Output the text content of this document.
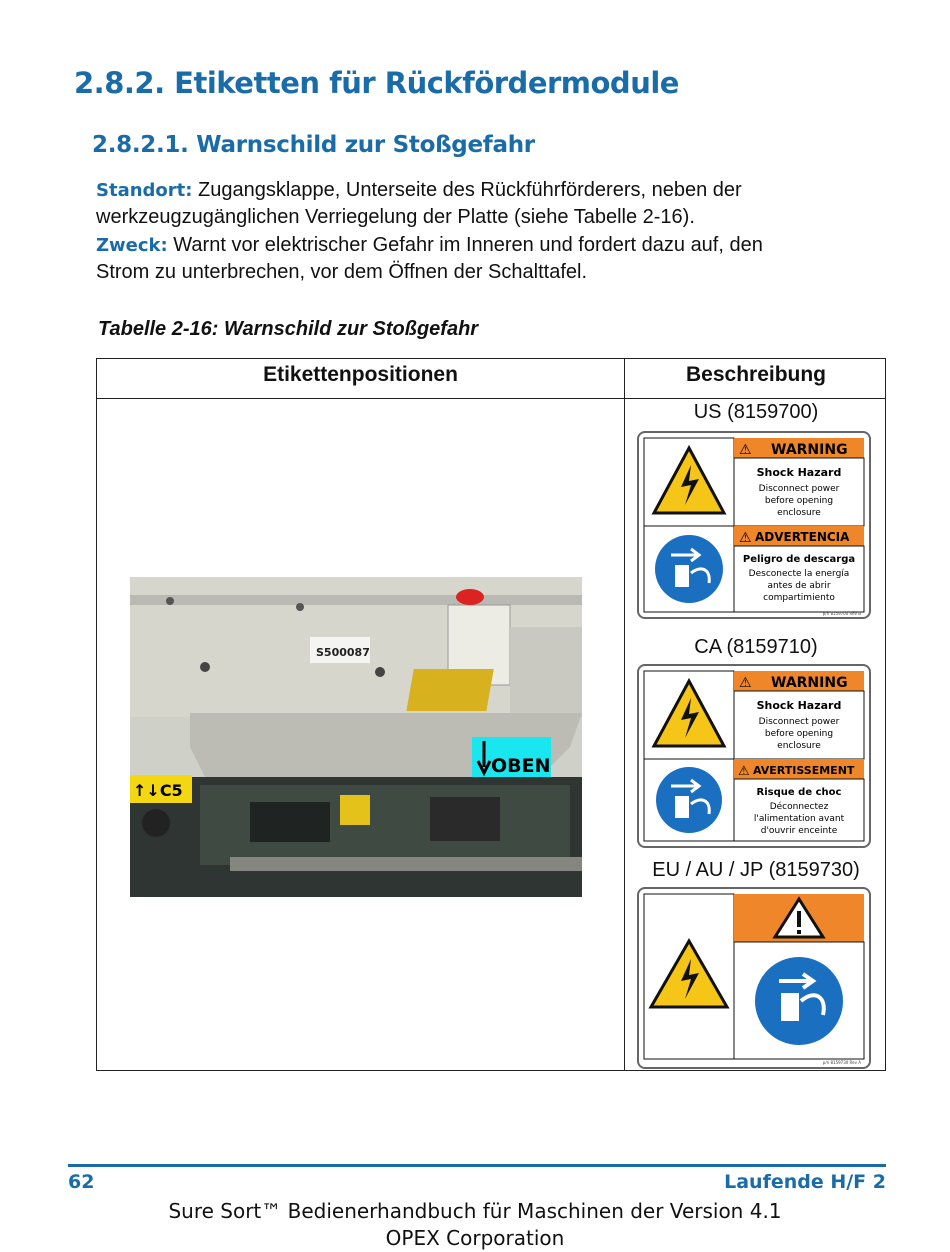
2.8.2. Etiketten für Rückfördermodule
2.8.2.1. Warnschild zur Stoßgefahr
Standort: Zugangsklappe, Unterseite des Rückführförderers, neben der
werkzeugzugänglichen Verriegelung der Platte (siehe Tabelle 2-16).
Zweck: Warnt vor elektrischer Gefahr im Inneren und fordert dazu auf, den
Strom zu unterbrechen, vor dem Öffnen der Schalttafel.
Tabelle 2-16: Warnschild zur Stoßgefahr
Etikettenpositionen	Beschreibung
S500087
↑↓C5
OBEN
US (8159700)
CA (8159710)
EU / AU / JP (8159730)
WARNING
⚠
Shock Hazard
Disconnect power
before opening
enclosure
⚠ ADVERTENCIA
Peligro de descarga
Desconecte la energía
antes de abrir
compartimiento
p/n 8159700 Rev B
⚠ WARNING
Shock Hazard
Disconnect power
before opening
enclosure
⚠ AVERTISSEMENT
Risque de choc
Déconnectez
l'alimentation avant
d'ouvrir enceinte
p/n 8159730 Rev A
62	Laufende H/F 2
Sure Sort™ Bedienerhandbuch für Maschinen der Version 4.1
OPEX Corporation
